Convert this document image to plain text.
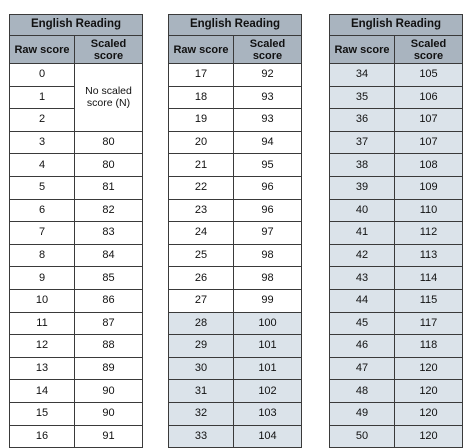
English Reading	
Raw score	Scaled score
0	No scaled score (N)
1	
2	
3	80
4	80
5	81
6	82
7	83
8	84
9	85
10	86
11	87
12	88
13	89
14	90
15	90
16	91
English Reading	
Raw score	Scaled score
17	92
18	93
19	93
20	94
21	95
22	96
23	96
24	97
25	98
26	98
27	99
28	100
29	101
30	101
31	102
32	103
33	104
English Reading	
Raw score	Scaled score
34	105
35	106
36	107
37	107
38	108
39	109
40	110
41	112
42	113
43	114
44	115
45	117
46	118
47	120
48	120
49	120
50	120
